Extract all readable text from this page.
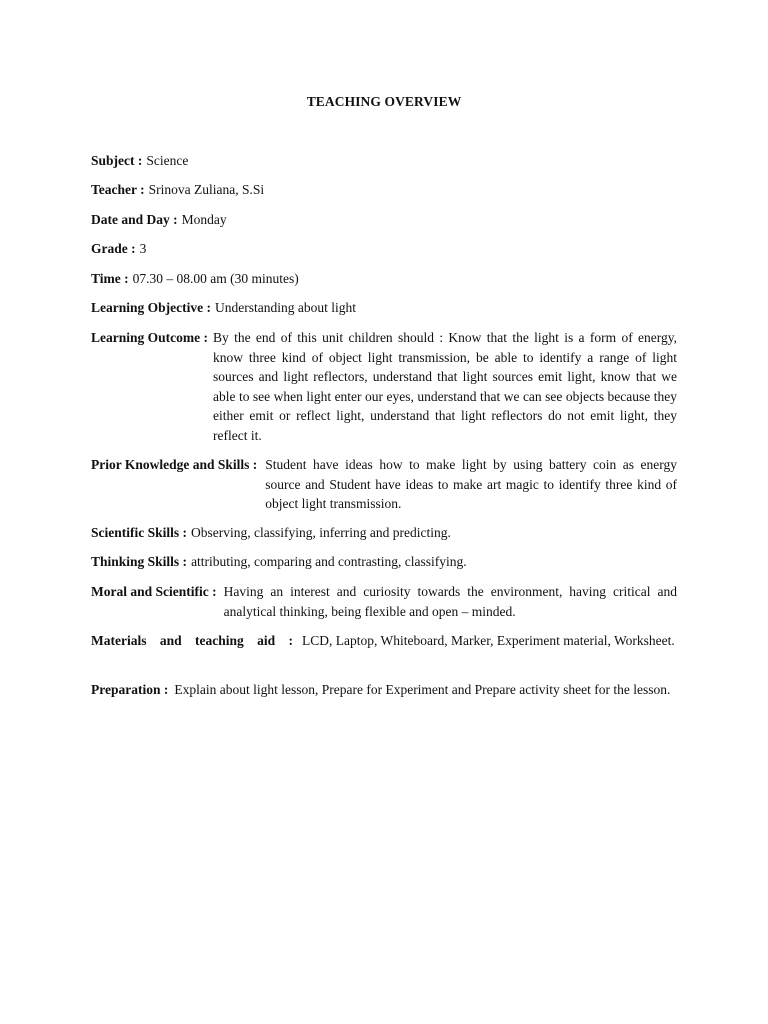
TEACHING OVERVIEW
Subject : Science
Teacher : Srinova Zuliana, S.Si
Date and Day : Monday
Grade : 3
Time : 07.30 – 08.00 am (30 minutes)
Learning Objective : Understanding about light
Learning Outcome : By the end of this unit children should : Know that the light is a form of energy, know three kind of object light transmission, be able to identify a range of light sources and light reflectors, understand that light sources emit light, know that we able to see when light enter our eyes, understand that we can see objects because they either emit or reflect light, understand that light reflectors do not emit light, they reflect it.
Prior Knowledge and Skills : Student have ideas how to make light by using battery coin as energy source and Student have ideas to make art magic to identify three kind of object light transmission.
Scientific Skills : Observing, classifying, inferring and predicting.
Thinking Skills : attributing, comparing and contrasting, classifying.
Moral and Scientific : Having an interest and curiosity towards the environment, having critical and analytical thinking, being flexible and open – minded.
Materials and teaching aid : LCD, Laptop, Whiteboard, Marker, Experiment material, Worksheet.
Preparation : Explain about light lesson, Prepare for Experiment and Prepare activity sheet for the lesson.
